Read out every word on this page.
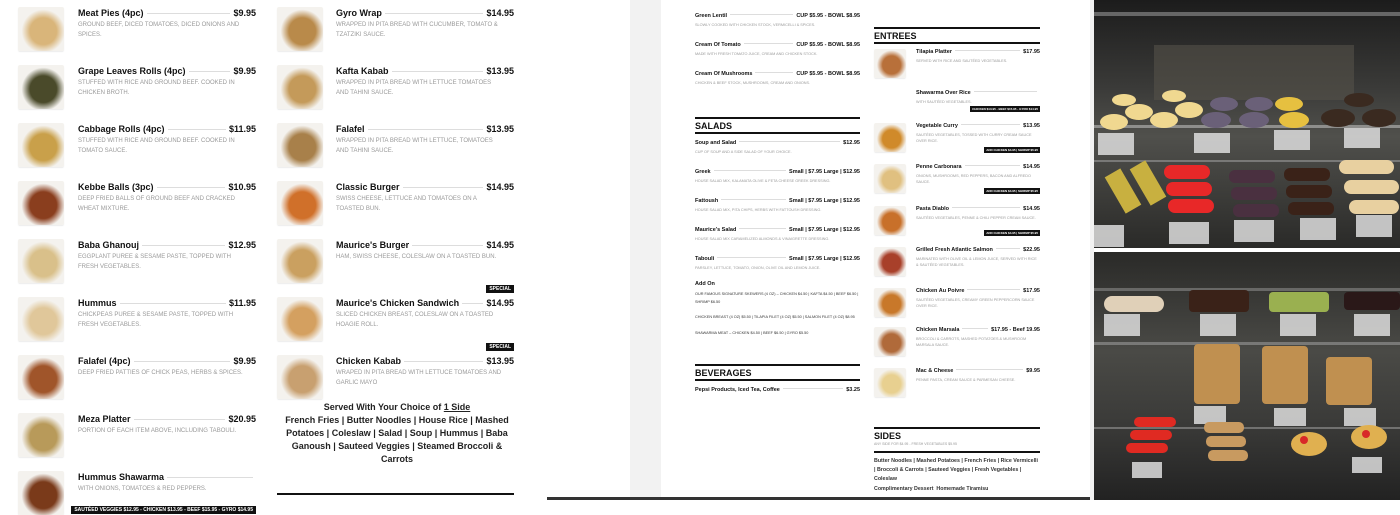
Meat Pies (4pc)	$9.95
GROUND BEEF, DICED TOMATOES, DICED ONIONS AND SPICES.
Grape Leaves Rolls (4pc)	$9.95
STUFFED WITH RICE AND GROUND BEEF. COOKED IN CHICKEN BROTH.
Cabbage Rolls (4pc)	$11.95
STUFFED WITH RICE AND GROUND BEEF. COOKED IN TOMATO SAUCE.
Kebbe Balls (3pc)	$10.95
DEEP FRIED BALLS OF GROUND BEEF AND CRACKED WHEAT MIXTURE.
Baba Ghanouj	$12.95
EGGPLANT PUREE & SESAME PASTE, TOPPED WITH FRESH VEGETABLES.
Hummus	$11.95
CHICKPEAS PUREE & SESAME PASTE, TOPPED WITH FRESH VEGETABLES.
Falafel (4pc)	$9.95
DEEP FRIED PATTIES OF CHICK PEAS, HERBS & SPICES.
Meza Platter	$20.95
PORTION OF EACH ITEM ABOVE, INCLUDING TABOULI.
Hummus Shawarma
WITH ONIONS, TOMATOES & RED PEPPERS.
SAUTÉED VEGGIES $12.95 - CHICKEN $13.95 - BEEF $15.95 - GYRO $14.95
Gyro Wrap	$14.95
WRAPPED IN PITA BREAD WITH CUCUMBER, TOMATO & TZATZIKI SAUCE.
Kafta Kabab	$13.95
WRAPPED IN PITA BREAD WITH LETTUCE TOMATOES AND TAHINI SAUCE.
Falafel	$13.95
WRAPPED IN PITA BREAD WITH LETTUCE, TOMATOES AND TAHINI SAUCE.
Classic Burger	$14.95
SWISS CHEESE, LETTUCE AND TOMATOES ON A TOASTED BUN.
Maurice's Burger	$14.95
HAM, SWISS CHEESE, COLESLAW ON A TOASTED BUN.
SPECIAL
Maurice's Chicken Sandwich	$14.95
SLICED CHICKEN BREAST, COLESLAW ON A TOASTED HOAGIE ROLL.
SPECIAL
Chicken Kabab	$13.95
WRAPED IN PITA BREAD WITH LETTUCE TOMATOES AND GARLIC MAYO
Served With Your Choice of 1 Side
French Fries | Butter Noodles | House Rice | Mashed Potatoes | Coleslaw | Salad | Soup | Hummus | Baba Ganoush | Sauteed Veggies | Steamed Broccoli & Carrots
Green Lentil	CUP $5.95 - BOWL $8.95
SLOWLY COOKED WITH CHICKEN STOCK, VERMICELLI & SPICES.
Cream Of Tomato	CUP $5.95 - BOWL $8.95
MADE WITH FRESH TOMATO JUICE, CREAM AND CHICKEN STOCK.
Cream Of Mushrooms	CUP $5.95 - BOWL $8.95
CHICKEN & BEEF STOCK, MUSHROOMS, CREAM AND ONIONS.
SALADS
Soup and Salad	$12.95
CUP OF SOUP AND A SIDE SALAD OF YOUR CHOICE.
Greek	Small | $7.95 Large | $12.95
HOUSE SALAD MIX, KALAMATA OLIVE & FETA CHEESE GREEK DRESSING.
Fattoush	Small | $7.95 Large | $12.95
HOUSE SALAD MIX, PITA CHIPS, HERBS WITH FATTOUSH DRESSING.
Maurice's Salad	Small | $7.95 Large | $12.95
HOUSE SALAD MIX CARAMELIZED ALMONDS & VINAIGRETTE DRESSING.
Tabouli	Small | $7.95 Large | $12.95
PARSLEY, LETTUCE, TOMATO, ONION, OLIVE OIL AND LEMON JUICE.
Add On
OUR FAMOUS SIGNATURE SKEWERS (4 OZ) – CHICKEN $4.50 | KAFTA $4.50 | BEEF $6.50 | SHRIMP $6.50
CHICKEN BREAST (4 OZ) $5.50 | TILAPIA FILET (4 OZ) $5.50 | SALMON FILET (4 OZ) $8.95
SHAWARMA MEAT – CHICKEN $4.50 | BEEF $6.50 | GYRO $5.50
BEVERAGES
Pepsi Products, Iced Tea, Coffee	$3.25
ENTREES
Tilapia Platter	$17.95
SERVED WITH RICE AND SAUTÉED VEGETABLES.
Shawarma Over Rice
WITH SAUTÉED VEGETABLES.
CHICKEN $13.95 - BEEF $15.95 - GYRO $14.95
Vegetable Curry	$13.95
SAUTÉED VEGETABLES, TOSSED WITH CURRY CREAM SAUCE OVER RICE.
ADD CHICKEN $4.95 | SHRIMP $5.95
Penne Carbonara	$14.95
ONIONS, MUSHROOMS, RED PEPPERS, BACON AND ALFREDO SAUCE.
ADD CHICKEN $4.95 | SHRIMP $5.95
Pasta Diablo	$14.95
SAUTÉED VEGETABLES, PENNE & CHILI PEPPER CREAM SAUCE.
ADD CHICKEN $4.95 | SHRIMP $5.95
Grilled Fresh Atlantic Salmon	$22.95
MARINATED WITH OLIVE OIL & LEMON JUICE, SERVED WITH RICE & SAUTÉED VEGETABLES.
Chicken Au Poivre	$17.95
SAUTÉED VEGETABLES, CREAMY GREEN PEPPERCORN SAUCE OVER RICE.
Chicken Marsala	$17.95 - Beef 19.95
BROCCOLI & CARROTS, MASHED POTATOES & MUSHROOM MARSALA SAUCE.
Mac & Cheese	$9.95
PENNE PASTA, CREAM SAUCE & PARMESAN CHEESE.
SIDES
ANY SIDE FOR $4.95 - FRESH VEGETABLES $5.95
Butter Noodles | Mashed Potatoes | French Fries | Rice Vermicelli | Broccoli & Carrots | Sauteed Veggies | Fresh Vegetables | Coleslaw
Complimentary Dessert  Homemade Tiramisu
